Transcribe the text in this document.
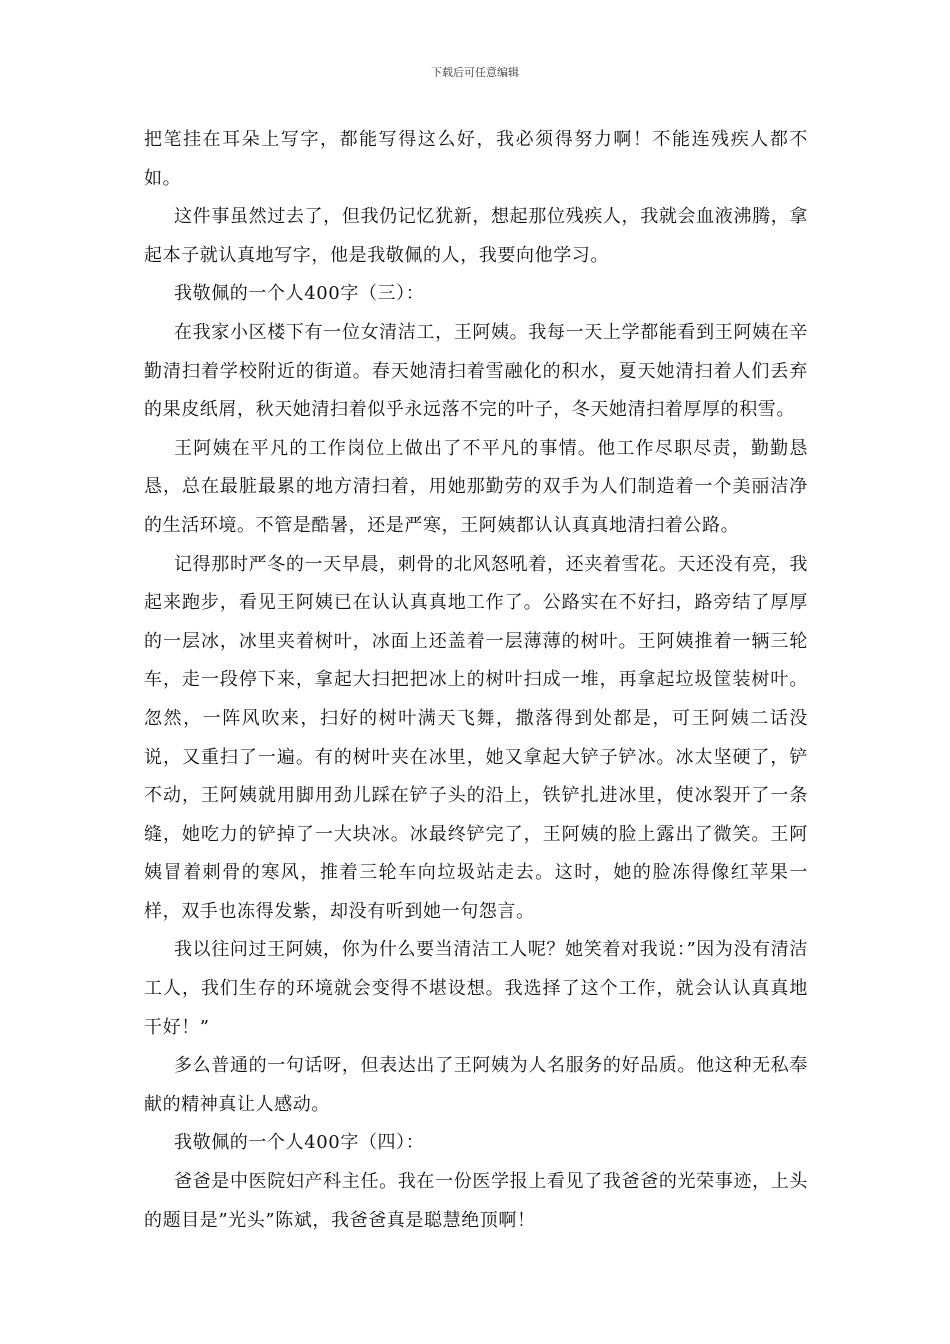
下载后可任意编辑

把笔挂在耳朵上写字，都能写得这么好，我必须得努力啊！不能连残疾人都不如。

这件事虽然过去了，但我仍记忆犹新，想起那位残疾人，我就会血液沸腾，拿起本子就认真地写字，他是我敬佩的人，我要向他学习。

我敬佩的一个人400字（三）：

在我家小区楼下有一位女清洁工，王阿姨。我每一天上学都能看到王阿姨在辛勤清扫着学校附近的街道。春天她清扫着雪融化的积水，夏天她清扫着人们丢弃的果皮纸屑，秋天她清扫着似乎永远落不完的叶子，冬天她清扫着厚厚的积雪。

王阿姨在平凡的工作岗位上做出了不平凡的事情。他工作尽职尽责，勤勤恳恳，总在最脏最累的地方清扫着，用她那勤劳的双手为人们制造着一个美丽洁净的生活环境。不管是酷暑，还是严寒，王阿姨都认认真真地清扫着公路。

记得那时严冬的一天早晨，刺骨的北风怒吼着，还夹着雪花。天还没有亮，我起来跑步，看见王阿姨已在认认真真地工作了。公路实在不好扫，路旁结了厚厚的一层冰，冰里夹着树叶，冰面上还盖着一层薄薄的树叶。王阿姨推着一辆三轮车，走一段停下来，拿起大扫把把冰上的树叶扫成一堆，再拿起垃圾筐装树叶。忽然，一阵风吹来，扫好的树叶满天飞舞，撒落得到处都是，可王阿姨二话没说，又重扫了一遍。有的树叶夹在冰里，她又拿起大铲子铲冰。冰太坚硬了，铲不动，王阿姨就用脚用劲儿踩在铲子头的沿上，铁铲扎进冰里，使冰裂开了一条缝，她吃力的铲掉了一大块冰。冰最终铲完了，王阿姨的脸上露出了微笑。王阿姨冒着刺骨的寒风，推着三轮车向垃圾站走去。这时，她的脸冻得像红苹果一样，双手也冻得发紫，却没有听到她一句怨言。

我以往问过王阿姨，你为什么要当清洁工人呢？她笑着对我说：”因为没有清洁工人，我们生存的环境就会变得不堪设想。我选择了这个工作，就会认认真真地干好！”

多么普通的一句话呀，但表达出了王阿姨为人名服务的好品质。他这种无私奉献的精神真让人感动。

我敬佩的一个人400字（四）：

爸爸是中医院妇产科主任。我在一份医学报上看见了我爸爸的光荣事迹，上头的题目是”光头”陈斌，我爸爸真是聪慧绝顶啊！
